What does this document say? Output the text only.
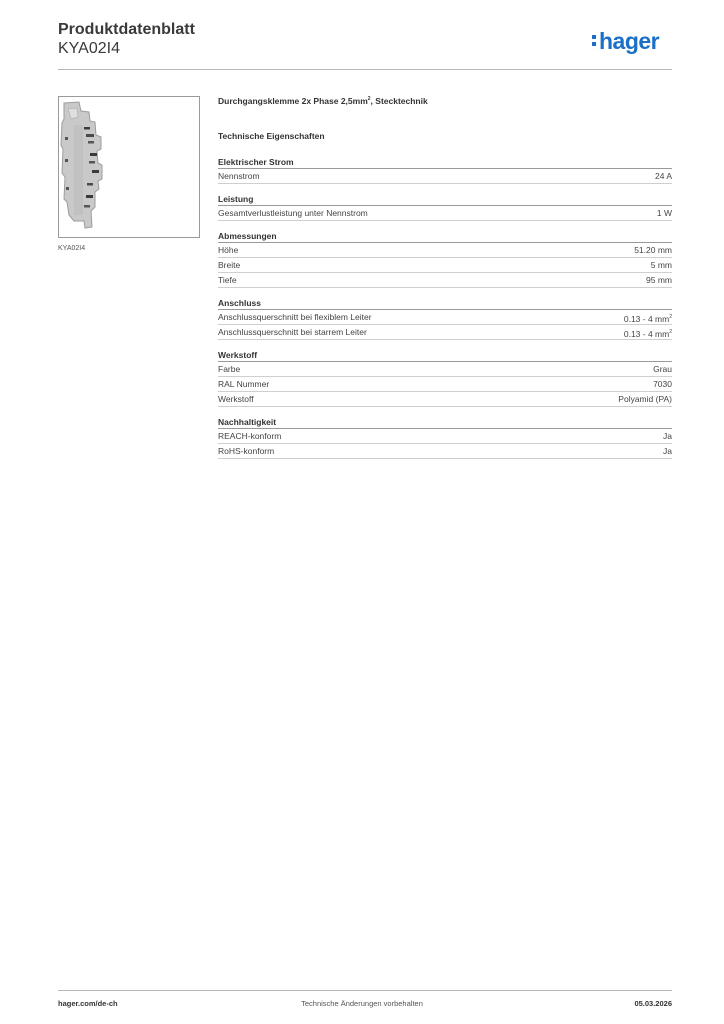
Produktdatenblatt
KYA02I4	hager
KYA02I4
Durchgangsklemme 2x Phase $2,5mm^2$, Stecktechnik
Technische Eigenschaften
Elektrischer Strom
Nennstrom	24 A
Leistung
Gesamtverlustleistung unter Nennstrom	1 W
Abmessungen
Höhe	51.20 mm
Breite	5 mm
Tiefe	95 mm
Anschluss
Anschlussquerschnitt bei flexiblem Leiter	0.13 - 4 $mm^2$
Anschlussquerschnitt bei starrem Leiter	0.13 - 4 $mm^2$
Werkstoff
Farbe	Grau
RAL Nummer	7030
Werkstoff	Polyamid (PA)
Nachhaltigkeit
REACH-konform	Ja
RoHS-konform	Ja
hager.com/de-ch	Technische Änderungen vorbehalten	05.03.2026
